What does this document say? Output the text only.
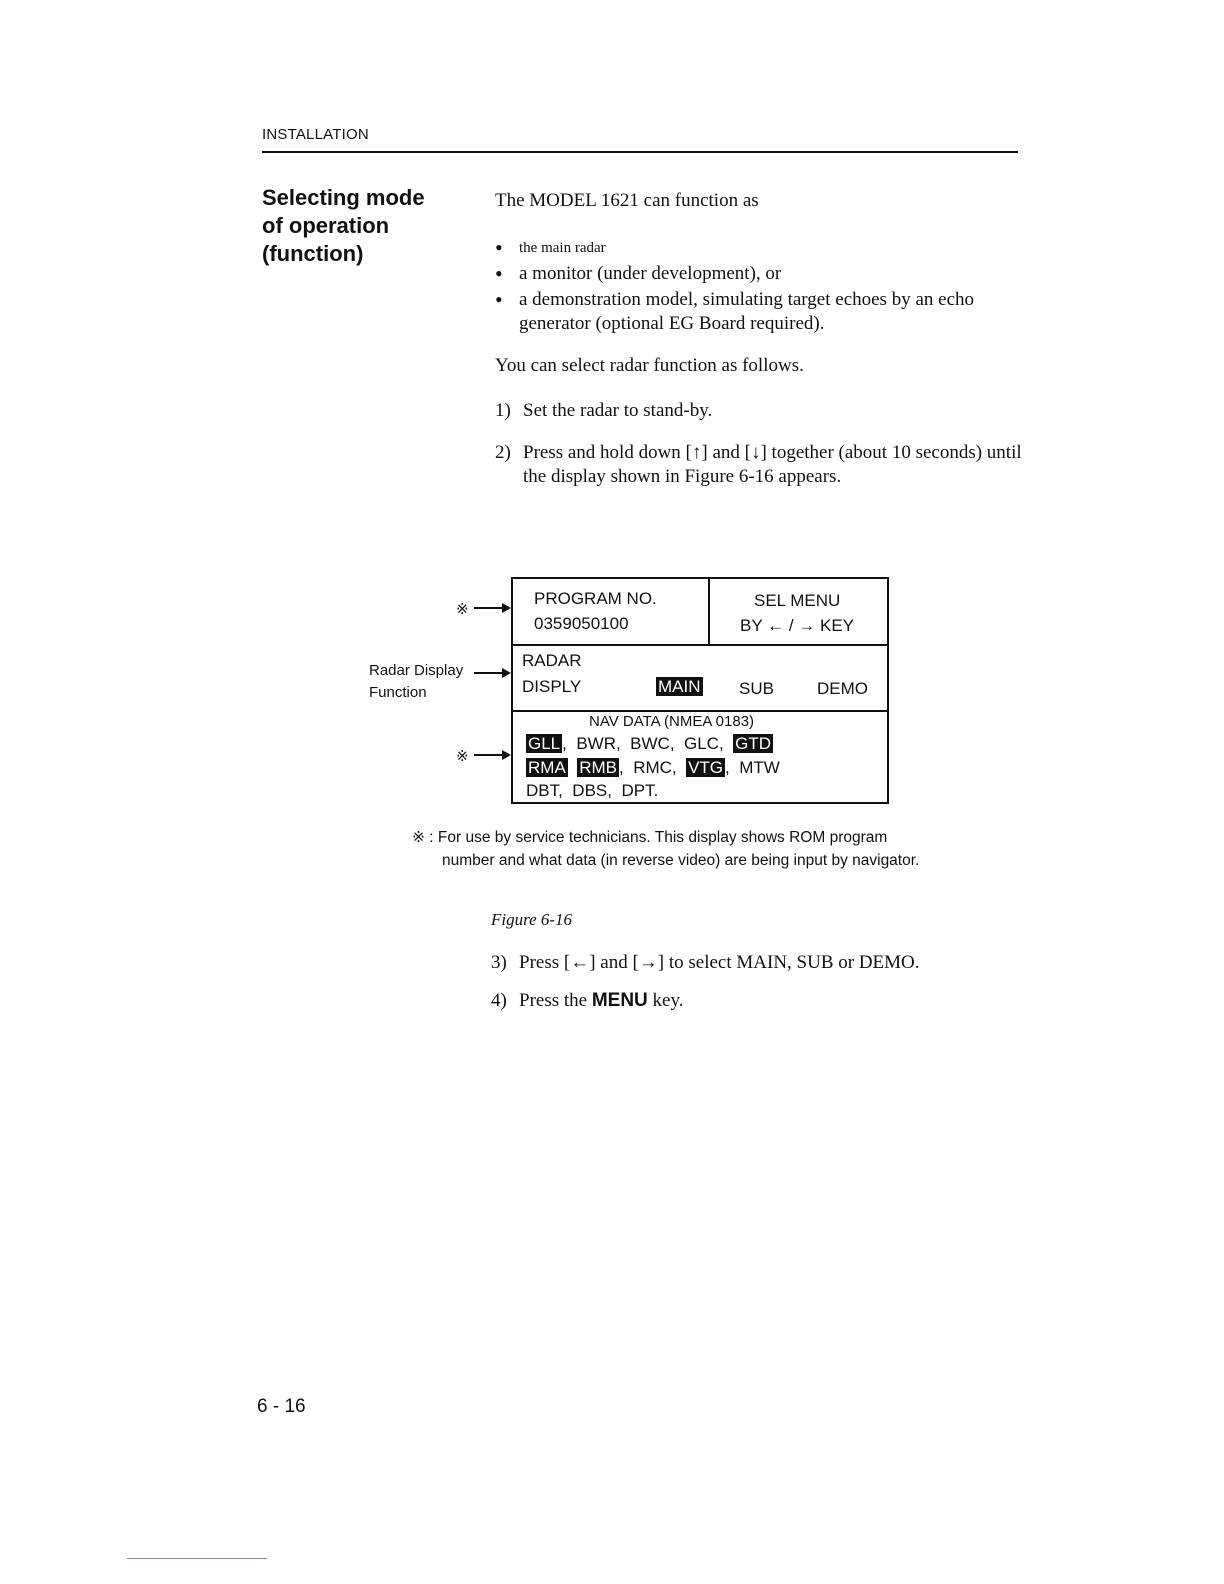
INSTALLATION
Selecting mode
of operation
(function)
The MODEL 1621 can function as
• the main radar
• a monitor (under development), or
• a demonstration model, simulating target echoes by an echo generator (optional EG Board required).
You can select radar function as follows.
1) Set the radar to stand-by.
2) Press and hold down [↑] and [↓] together (about 10 seconds) until the display shown in Figure 6-16 appears.
PROGRAM NO.
0359050100
SEL MENU
BY ← / → KEY
RADAR
DISPLY	MAIN SUB	DEMO
NAV DATA (NMEA 0183)
GLL ,  BWR,  BWC,  GLC,  GTD
RMA RMB ,  RMC,  VTG ,  MTW
DBT,  DBS,  DPT.
※
Radar Display
Function
※
※ : For use by service technicians. This display shows ROM program
number and what data (in reverse video) are being input by navigator.
Figure 6-16
3) Press [←] and [→] to select MAIN, SUB or DEMO.
4) Press the MENU key.
6 - 16
